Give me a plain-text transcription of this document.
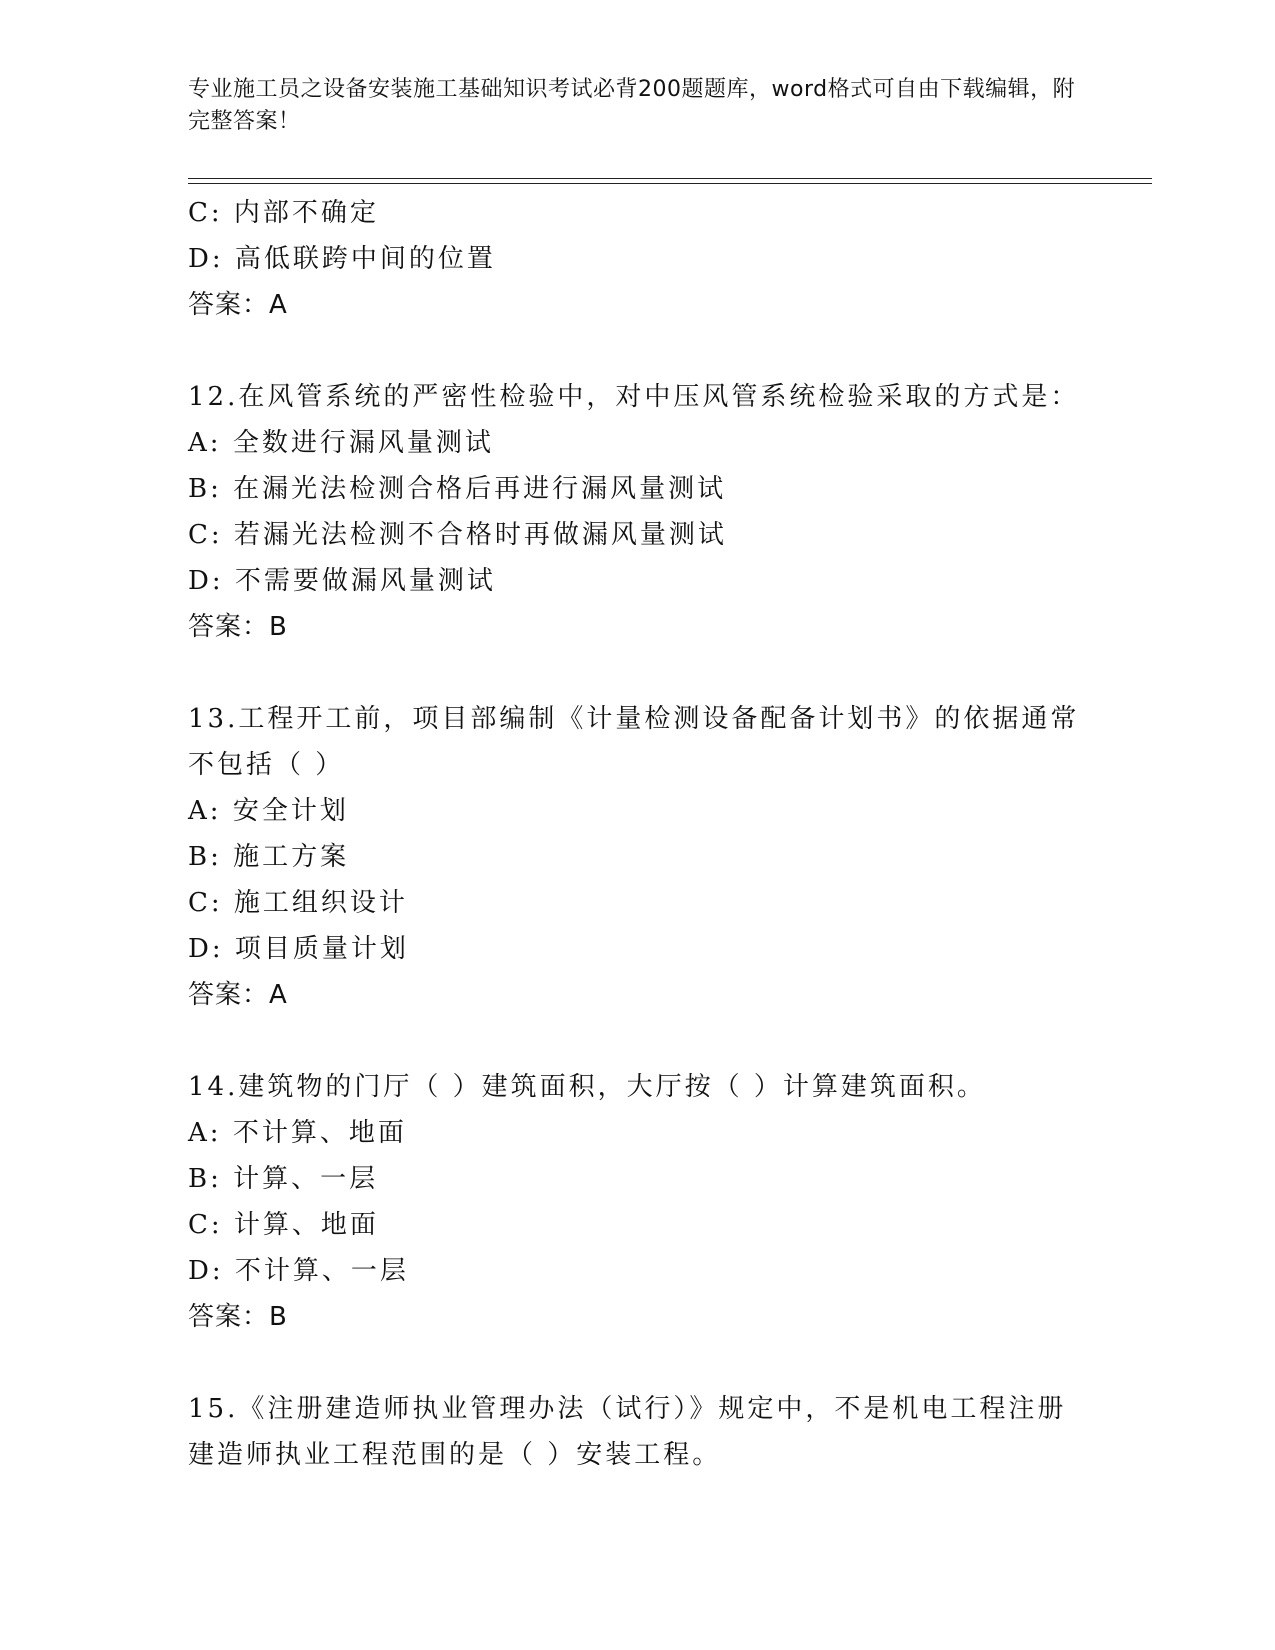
专业施工员之设备安装施工基础知识考试必背200题题库，word格式可自由下载编辑，附完整答案！
C: 内部不确定
D: 高低联跨中间的位置
答案：A
12.在风管系统的严密性检验中，对中压风管系统检验采取的方式是：
A: 全数进行漏风量测试
B: 在漏光法检测合格后再进行漏风量测试
C: 若漏光法检测不合格时再做漏风量测试
D: 不需要做漏风量测试
答案：B
13.工程开工前，项目部编制《计量检测设备配备计划书》的依据通常不包括（ ）
A: 安全计划
B: 施工方案
C: 施工组织设计
D: 项目质量计划
答案：A
14.建筑物的门厅（ ）建筑面积，大厅按（ ）计算建筑面积。
A: 不计算、地面
B: 计算、一层
C: 计算、地面
D: 不计算、一层
答案：B
15.《注册建造师执业管理办法（试行）》规定中，不是机电工程注册建造师执业工程范围的是（ ）安装工程。
